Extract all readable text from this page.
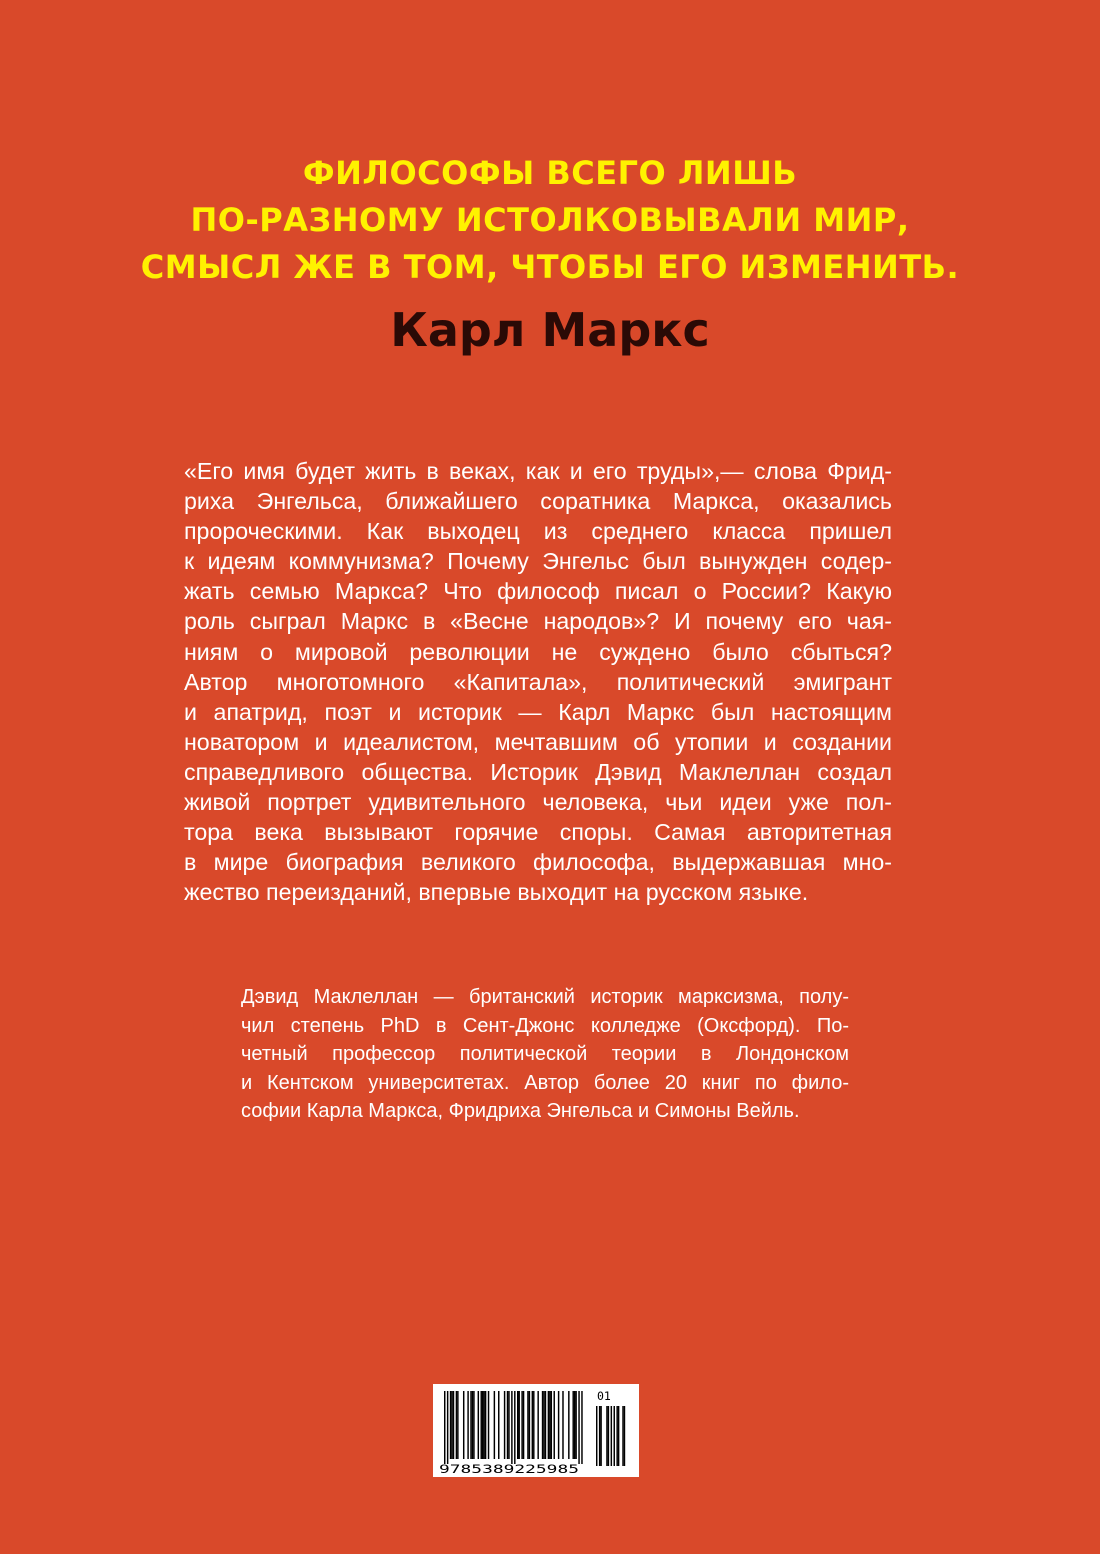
ФИЛОСОФЫ ВСЕГО ЛИШЬ
ПО-РАЗНОМУ ИСТОЛКОВЫВАЛИ МИР,
СМЫСЛ ЖЕ В ТОМ, ЧТОБЫ ЕГО ИЗМЕНИТЬ.
Карл Маркс
«Его имя будет жить в веках, как и его труды»,— слова Фрид-
риха Энгельса, ближайшего соратника Маркса, оказались
пророческими. Как выходец из среднего класса пришел
к идеям коммунизма? Почему Энгельс был вынужден содер-
жать семью Маркса? Что философ писал о России? Какую
роль сыграл Маркс в «Весне народов»? И почему его чая-
ниям о мировой революции не суждено было сбыться?
Автор многотомного «Капитала», политический эмигрант
и апатрид, поэт и историк — Карл Маркс был настоящим
новатором и идеалистом, мечтавшим об утопии и создании
справедливого общества. Историк Дэвид Маклеллан создал
живой портрет удивительного человека, чьи идеи уже пол-
тора века вызывают горячие споры. Самая авторитетная
в мире биография великого философа, выдержавшая мно-
жество переизданий, впервые выходит на русском языке.
Дэвид Маклеллан — британский историк марксизма, полу-
чил степень PhD в Сент-Джонс колледже (Оксфорд). По-
четный профессор политической теории в Лондонском
и Кентском университетах. Автор более 20 книг по фило-
софии Карла Маркса, Фридриха Энгельса и Симоны Вейль.
9785389225985
01
